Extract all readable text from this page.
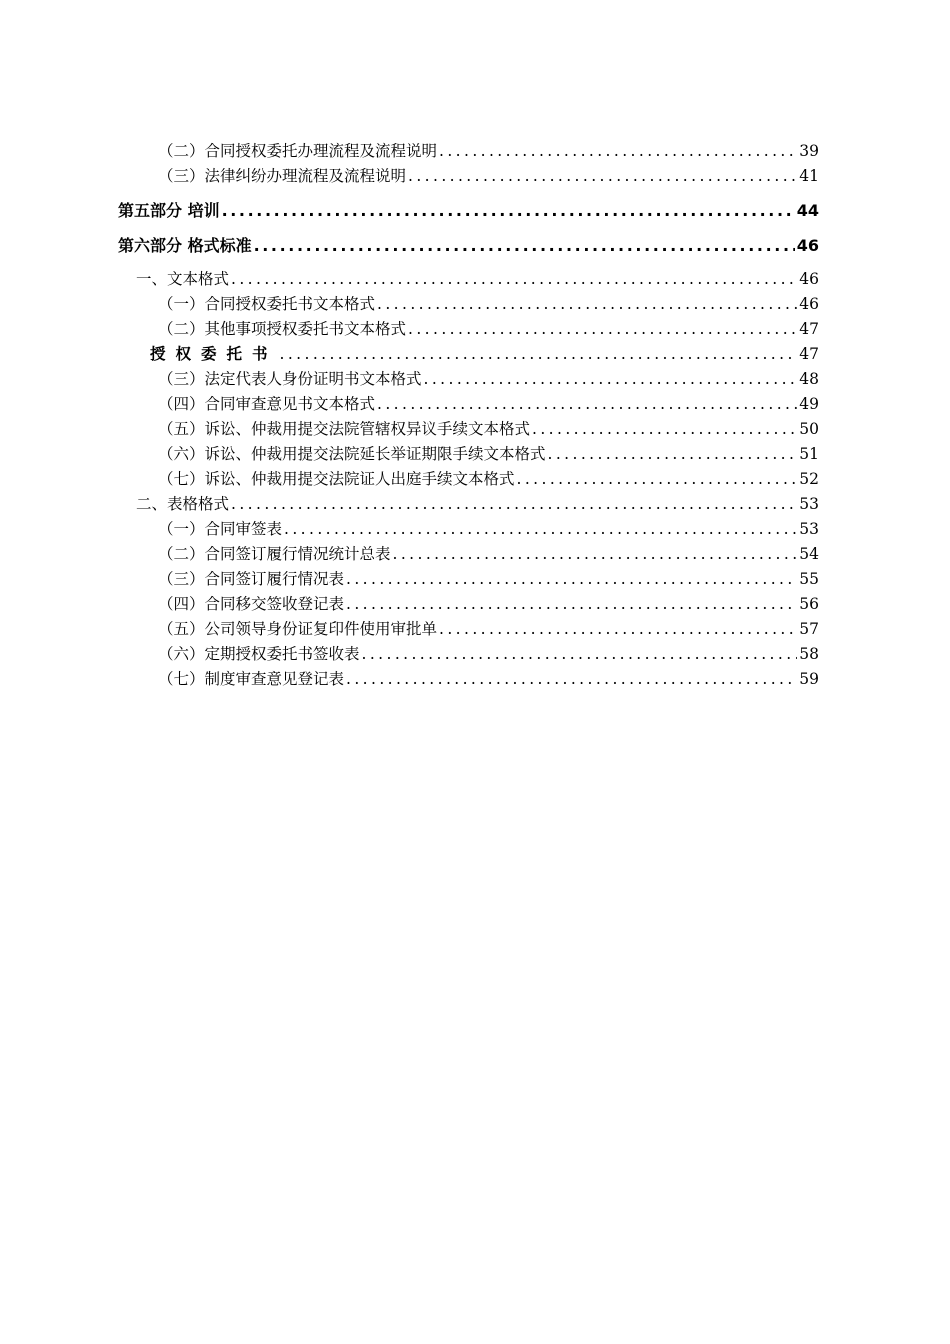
（二）合同授权委托办理流程及流程说明 .....	39
（三）法律纠纷办理流程及流程说明 .....	41
第五部分 培训 .....	44
第六部分 格式标准 .....	46
一、文本格式 .....	46
（一）合同授权委托书文本格式 .....	46
（二）其他事项授权委托书文本格式 .....	47
授权委托书 .....	47
（三）法定代表人身份证明书文本格式 .....	48
（四）合同审查意见书文本格式 .....	49
（五）诉讼、仲裁用提交法院管辖权异议手续文本格式 .....	50
（六）诉讼、仲裁用提交法院延长举证期限手续文本格式 .....	51
（七）诉讼、仲裁用提交法院证人出庭手续文本格式 .....	52
二、表格格式 .....	53
（一）合同审签表 .....	53
（二）合同签订履行情况统计总表 .....	54
（三）合同签订履行情况表 .....	55
（四）合同移交签收登记表 .....	56
（五）公司领导身份证复印件使用审批单 .....	57
（六）定期授权委托书签收表 .....	58
（七）制度审查意见登记表 .....	59
